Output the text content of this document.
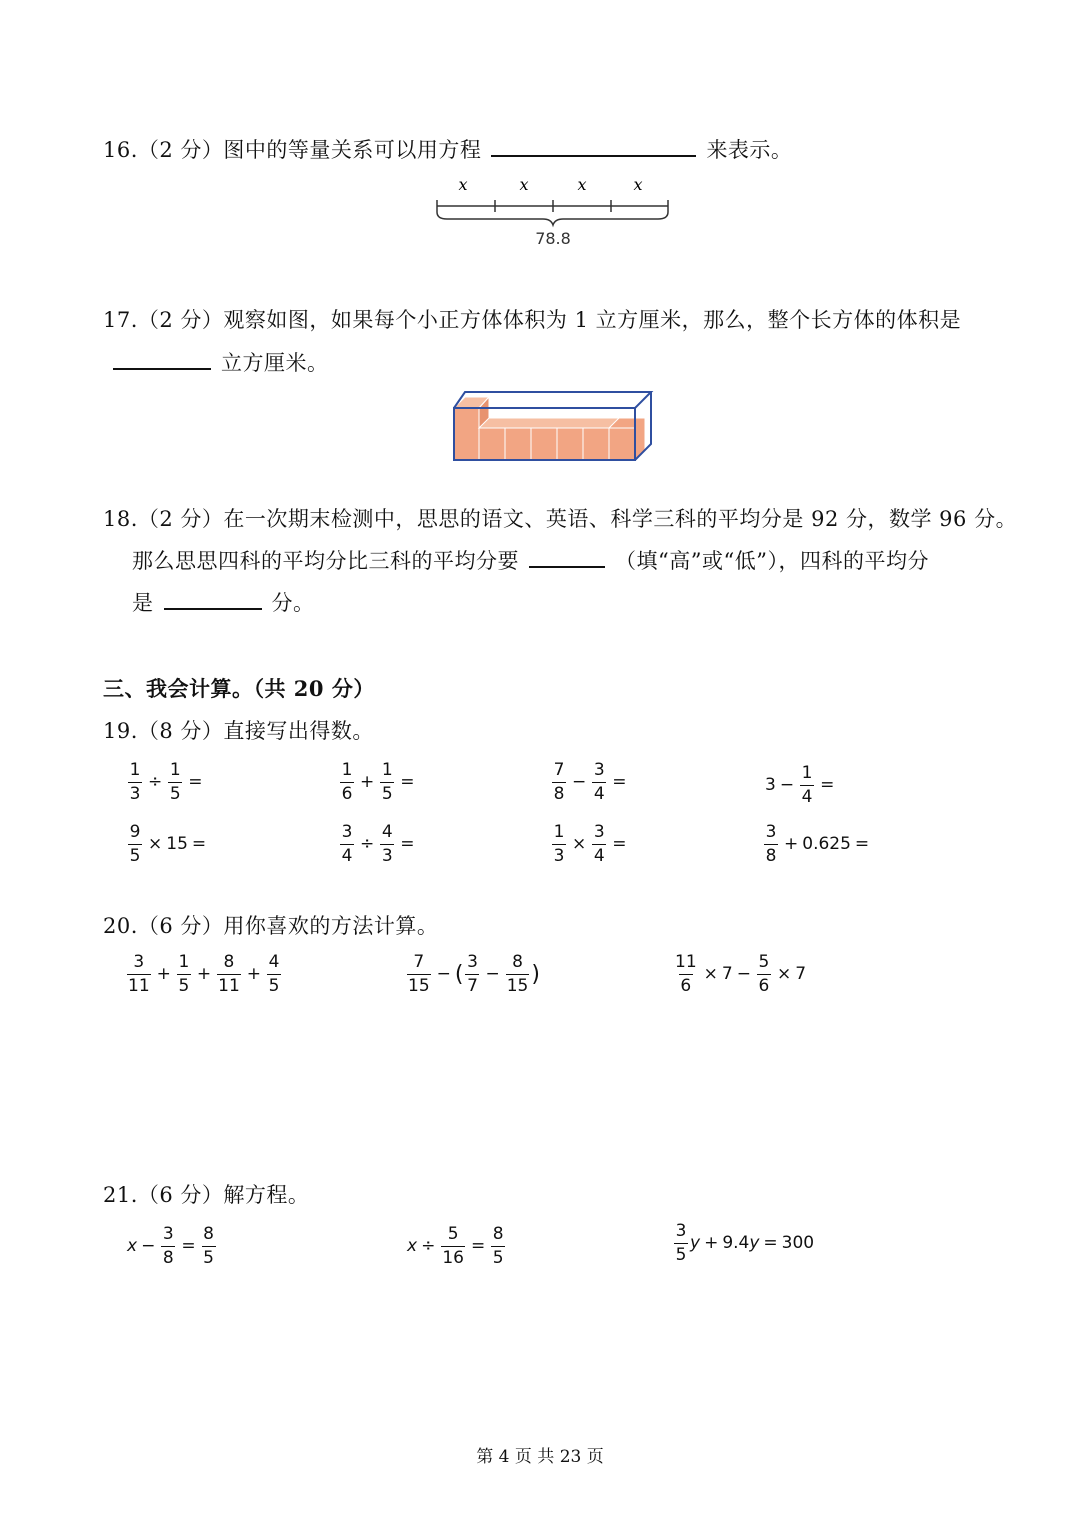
16.（2 分）图中的等量关系可以用方程	来表示。
x	x	x	x
78.8
17.（2 分）观察如图，如果每个小正方体体积为 1 立方厘米，那么，整个长方体的体积是
立方厘米。
18.（2 分）在一次期末检测中，思思的语文、英语、科学三科的平均分是 92 分，数学 96 分。
那么思思四科的平均分比三科的平均分要	（填“高”或“低”），四科的平均分
是	分。
三、我会计算。（共 20 分）
19.（8 分）直接写出得数。
$\frac{1}{3} \div \frac{1}{5}$ =	$\frac{1}{6} + \frac{1}{5}$ =	$\frac{7}{8} - \frac{3}{4}$ =	$3 - \frac{1}{4}$ =
$\frac{9}{5} \times 15$ =	$\frac{3}{4} \div \frac{4}{3}$ =	$\frac{1}{3} \times \frac{3}{4}$ =	$\frac{3}{8} + 0.625$ =
20.（6 分）用你喜欢的方法计算。
$\frac{3}{11} + \frac{1}{5} + \frac{8}{11} + \frac{4}{5}$	$\frac{7}{15}$ − ( $\frac{3}{7} - \frac{8}{15}$ )	$\frac{11}{6} \times 7 - \frac{5}{6} \times 7$
21.（6 分）解方程。
$x - \frac{3}{8} = \frac{8}{5}$	$x \div \frac{5}{16} = \frac{8}{5}$	$\frac{3}{5}$ y + 9.4 y = 300
第 4 页 共 23 页
